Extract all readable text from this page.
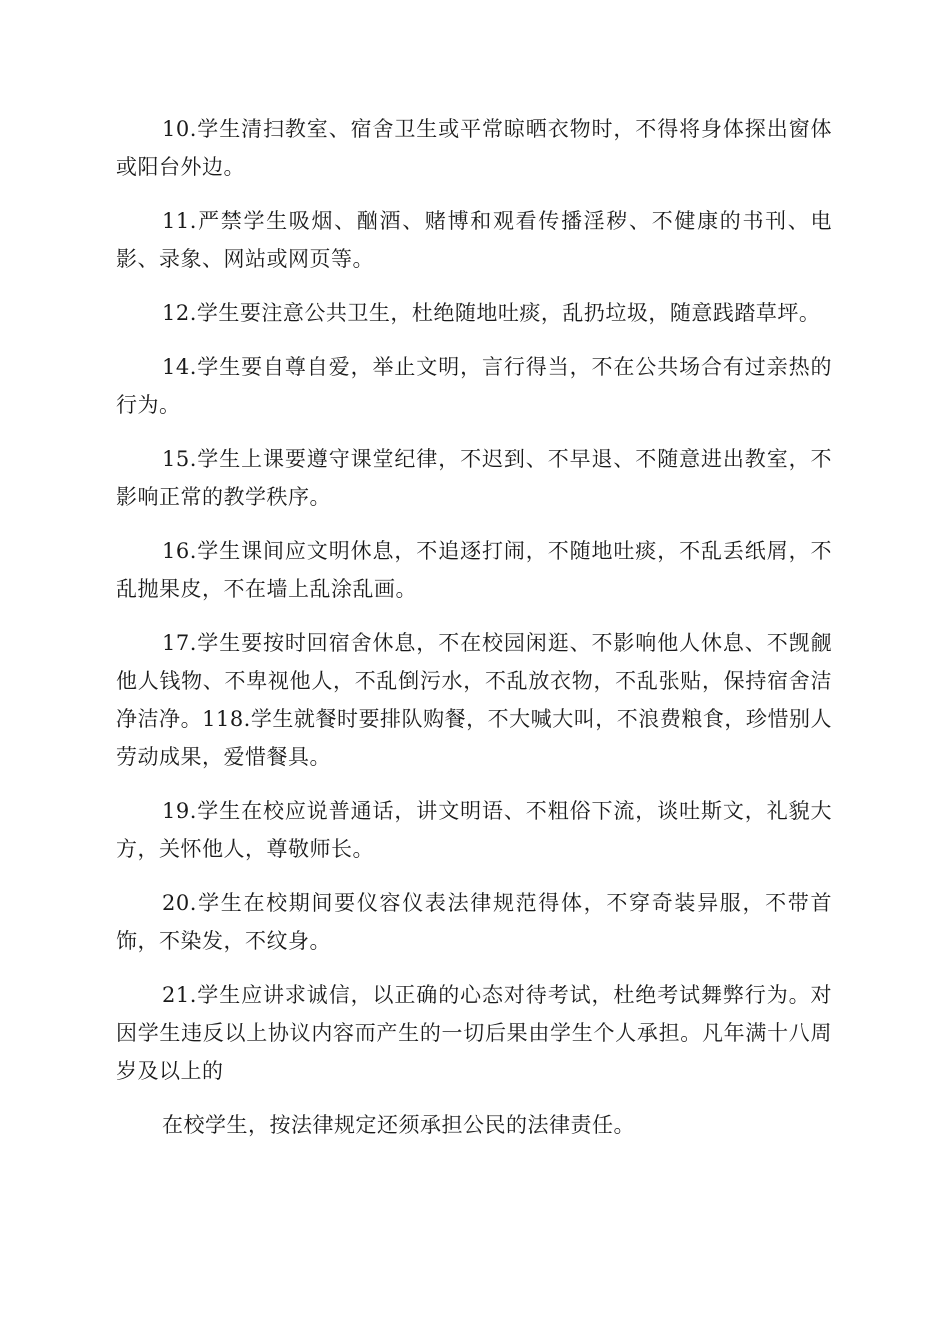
10.学生清扫教室、宿舍卫生或平常晾晒衣物时，不得将身体探出窗体或阳台外边。

11.严禁学生吸烟、酗酒、赌博和观看传播淫秽、不健康的书刊、电影、录象、网站或网页等。

12.学生要注意公共卫生，杜绝随地吐痰，乱扔垃圾，随意践踏草坪。

14.学生要自尊自爱，举止文明，言行得当，不在公共场合有过亲热的行为。

15.学生上课要遵守课堂纪律，不迟到、不早退、不随意进出教室，不影响正常的教学秩序。

16.学生课间应文明休息，不追逐打闹，不随地吐痰，不乱丢纸屑，不乱抛果皮，不在墙上乱涂乱画。

17.学生要按时回宿舍休息，不在校园闲逛、不影响他人休息、不觊觎他人钱物、不卑视他人，不乱倒污水，不乱放衣物，不乱张贴，保持宿舍洁净洁净。118.学生就餐时要排队购餐，不大喊大叫，不浪费粮食，珍惜别人劳动成果，爱惜餐具。

19.学生在校应说普通话，讲文明语、不粗俗下流，谈吐斯文，礼貌大方，关怀他人，尊敬师长。

20.学生在校期间要仪容仪表法律规范得体，不穿奇装异服，不带首饰，不染发，不纹身。

21.学生应讲求诚信，以正确的心态对待考试，杜绝考试舞弊行为。对因学生违反以上协议内容而产生的一切后果由学生个人承担。凡年满十八周岁及以上的

在校学生，按法律规定还须承担公民的法律责任。
